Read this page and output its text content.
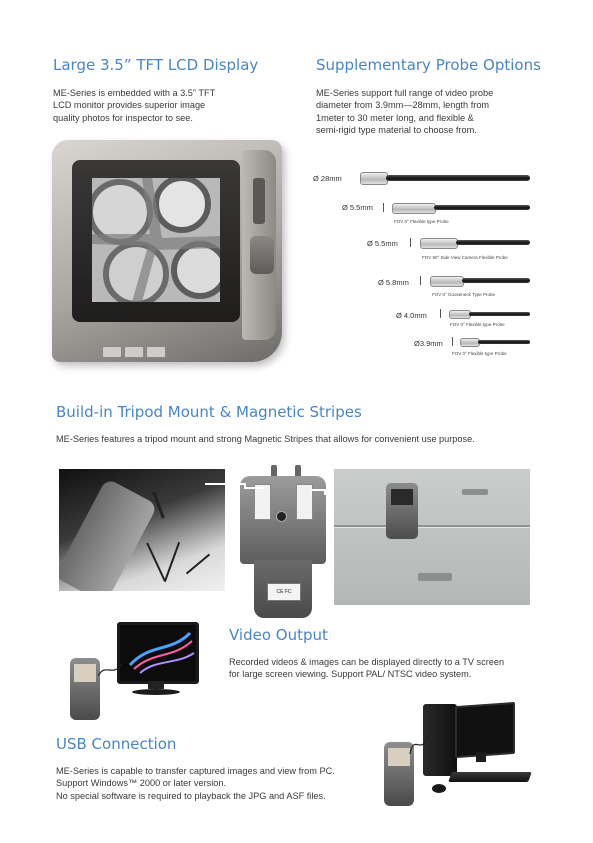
Large 3.5” TFT LCD Display
ME-Series is embedded with a 3.5” TFT
LCD monitor provides superior image
quality photos for inspector to see.
Supplementary Probe Options
ME-Series support full range of video probe
diameter from 3.9mm—28mm, length from
1meter to 30 meter long, and flexible &
semi-rigid type material to choose from.
Ø 28mm
Ø 5.5mm
FOV 0° Flexible type Probe
Ø 5.5mm
FOV 90° Side View Camera Flexible Probe
Ø 5.8mm
FOV 0° Gooseneck Type Probe
Ø 4.0mm
FOV 0° Flexible type Probe
Ø3.9mm
FOV 0° Flexible type Probe
Build-in Tripod Mount & Magnetic Stripes

ME-Series features a tripod mount and strong Magnetic Stripes that allows for convenient use purpose.

CE FC
Video Output
Recorded videos & images can be displayed directly to a TV screen
for large screen viewing. Support PAL/ NTSC video system.
USB Connection
ME-Series is capable to transfer captured images and view from PC.
Support Windows™ 2000 or later version.
No special software is required to playback the JPG and ASF files.
